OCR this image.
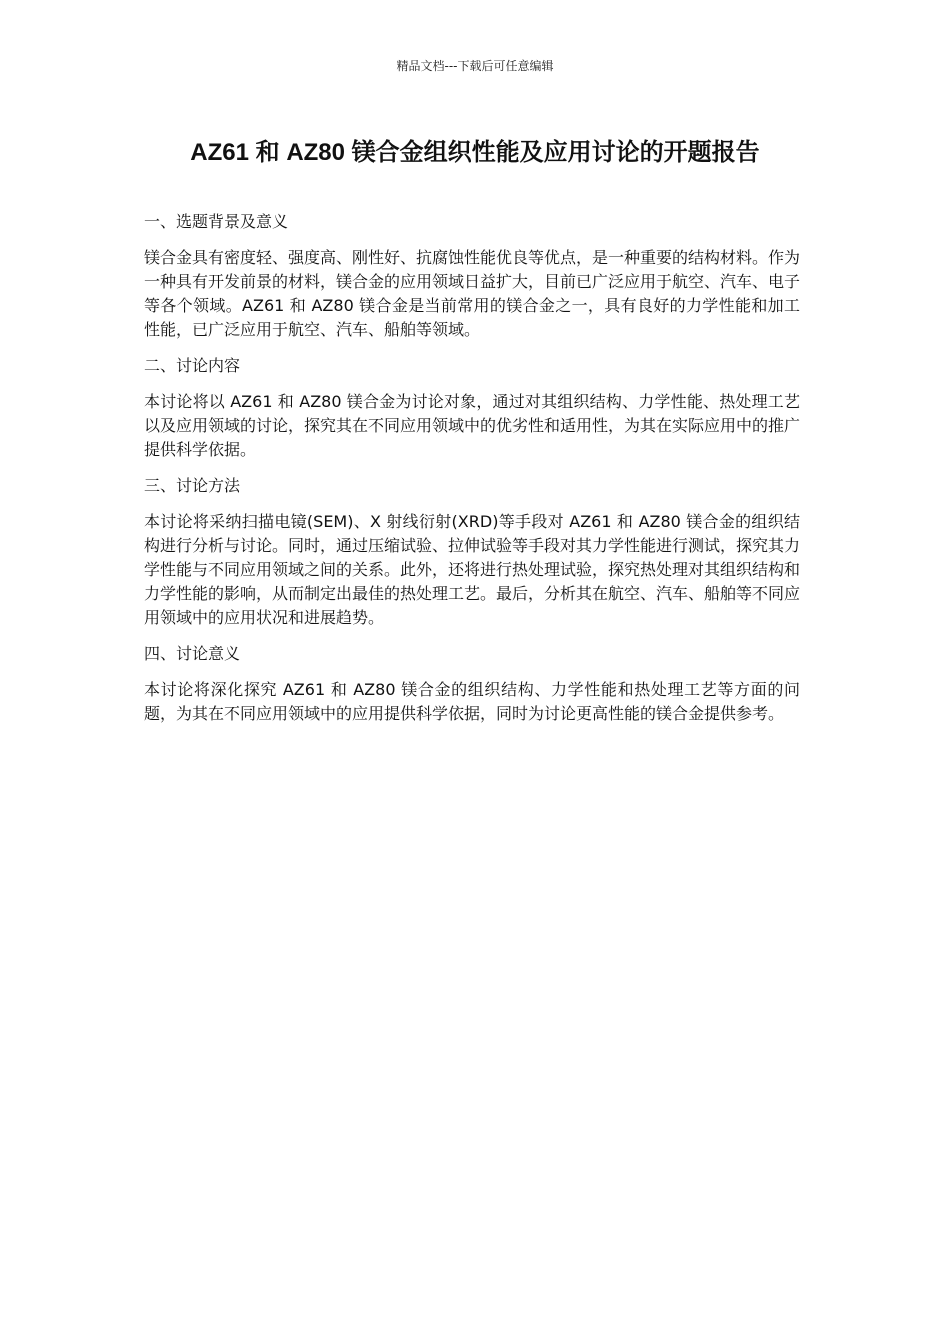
精品文档---下载后可任意编辑
AZ61 和 AZ80 镁合金组织性能及应用讨论的开题报告

一、选题背景及意义

镁合金具有密度轻、强度高、刚性好、抗腐蚀性能优良等优点，是一种重要的结构材料。作为一种具有开发前景的材料，镁合金的应用领域日益扩大，目前已广泛应用于航空、汽车、电子等各个领域。AZ61 和 AZ80 镁合金是当前常用的镁合金之一，具有良好的力学性能和加工性能，已广泛应用于航空、汽车、船舶等领域。

二、讨论内容

本讨论将以 AZ61 和 AZ80 镁合金为讨论对象，通过对其组织结构、力学性能、热处理工艺以及应用领域的讨论，探究其在不同应用领域中的优劣性和适用性，为其在实际应用中的推广提供科学依据。

三、讨论方法

本讨论将采纳扫描电镜(SEM)、X 射线衍射(XRD)等手段对 AZ61 和 AZ80 镁合金的组织结构进行分析与讨论。同时，通过压缩试验、拉伸试验等手段对其力学性能进行测试，探究其力学性能与不同应用领域之间的关系。此外，还将进行热处理试验，探究热处理对其组织结构和力学性能的影响，从而制定出最佳的热处理工艺。最后，分析其在航空、汽车、船舶等不同应用领域中的应用状况和进展趋势。

四、讨论意义

本讨论将深化探究 AZ61 和 AZ80 镁合金的组织结构、力学性能和热处理工艺等方面的问题，为其在不同应用领域中的应用提供科学依据，同时为讨论更高性能的镁合金提供参考。
